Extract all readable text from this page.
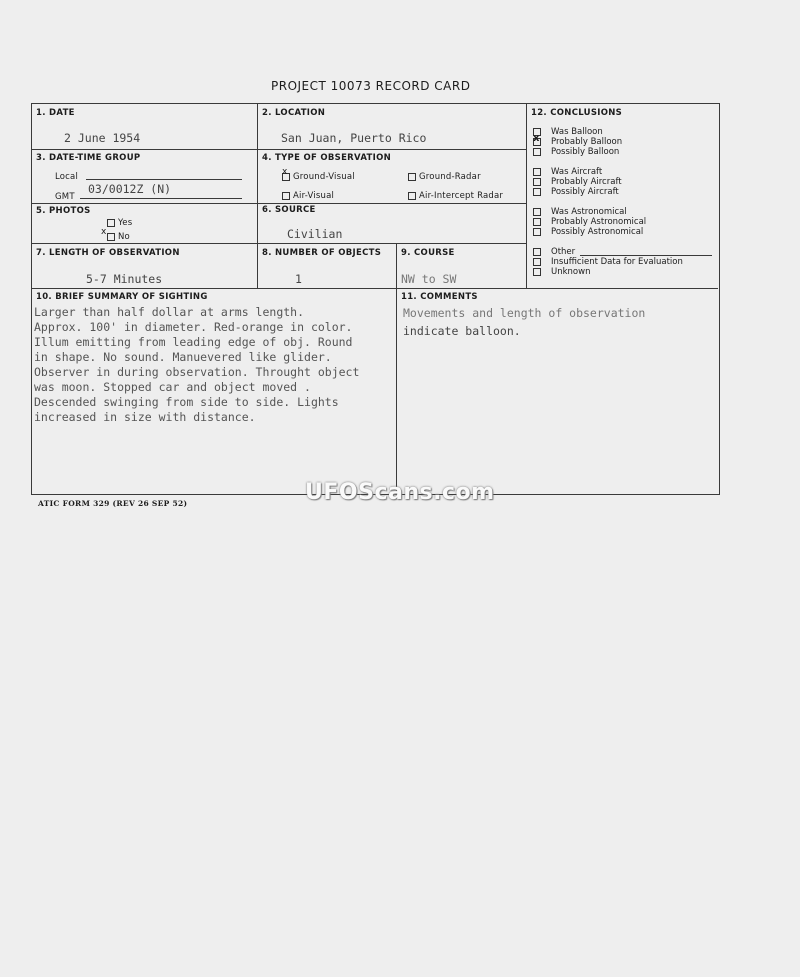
PROJECT 10073 RECORD CARD
1. DATE
2 June 1954
2. LOCATION
San Juan, Puerto Rico
3. DATE-TIME GROUP
Local
GMT
03/0012Z (N)
4. TYPE OF OBSERVATION
x Ground-Visual	Ground-Radar
Air-Visual	Air-Intercept Radar
5. PHOTOS
Yes
x No
6. SOURCE
Civilian
7. LENGTH OF OBSERVATION
5-7 Minutes
8. NUMBER OF OBJECTS
1
9. COURSE
NW to SW
12. CONCLUSIONS
Was Balloon
Probably Balloon
x
Possibly Balloon
Was Aircraft
Probably Aircraft
Possibly Aircraft
Was Astronomical
Probably Astronomical
Possibly Astronomical
Other
Insufficient Data for Evaluation
Unknown
10. BRIEF SUMMARY OF SIGHTING
Larger than half dollar at arms length.
Approx. 100' in diameter. Red-orange in color.
Illum emitting from leading edge of obj. Round
in shape. No sound. Manuevered like glider.
Observer in during observation. Throught object
was moon. Stopped car and object moved .
Descended swinging from side to side. Lights
increased in size with distance.
11. COMMENTS
Movements and length of observation
indicate balloon.
UFOScans.com
ATIC FORM 329 (REV 26 SEP 52)
